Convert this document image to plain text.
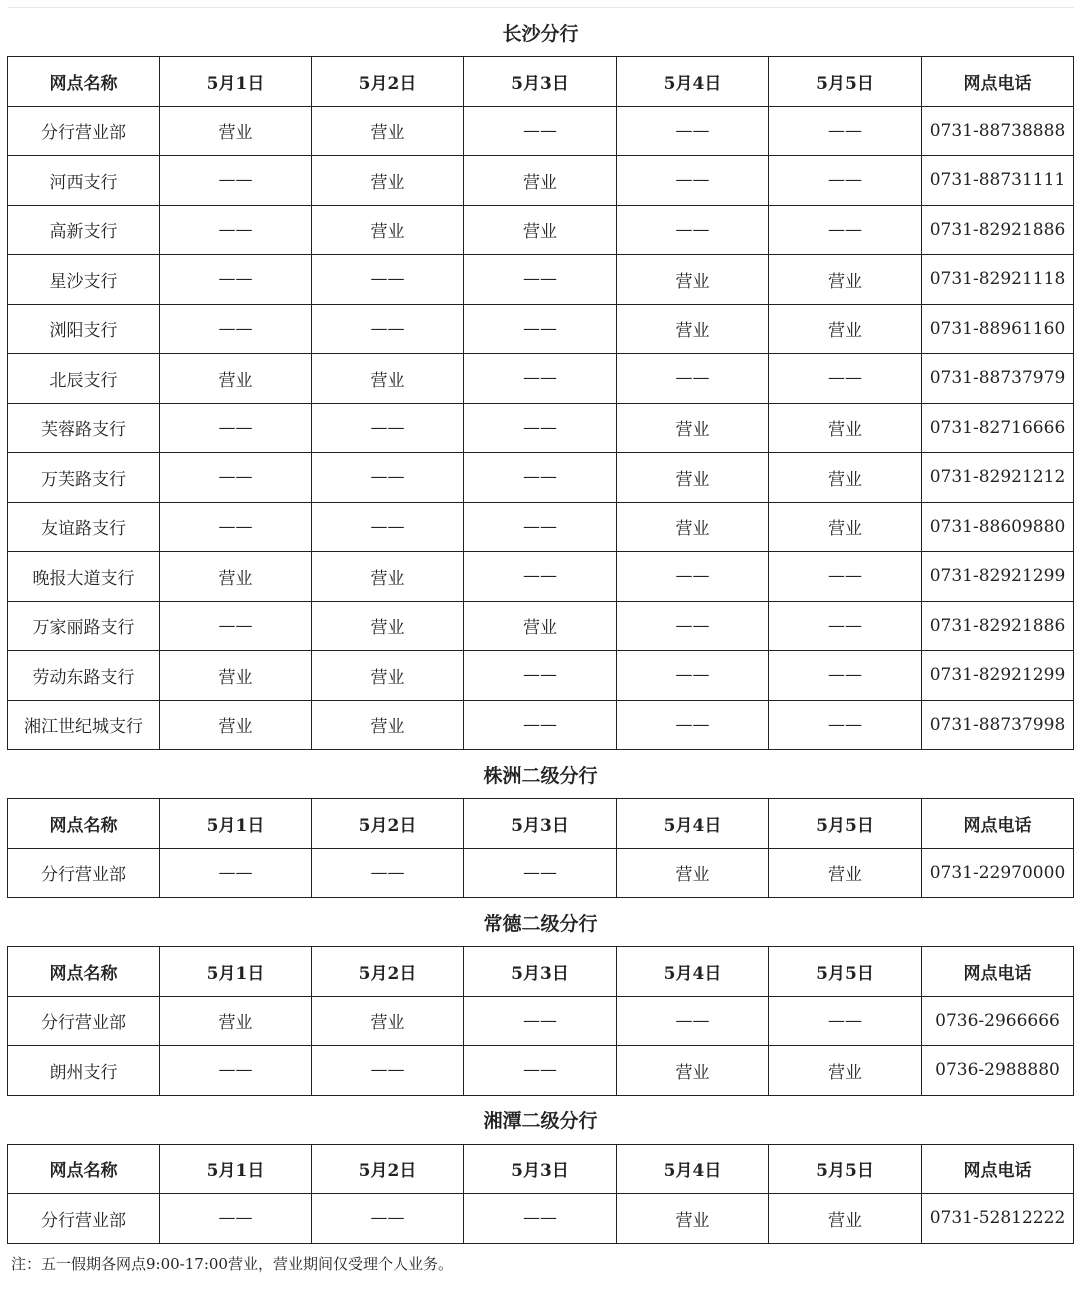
长沙分行						
网点名称	5月1日	5月2日	5月3日	5月4日	5月5日	网点电话
分行营业部	营业	营业	——	——	——	0731-88738888
河西支行	——	营业	营业	——	——	0731-88731111
高新支行	——	营业	营业	——	——	0731-82921886
星沙支行	——	——	——	营业	营业	0731-82921118
浏阳支行	——	——	——	营业	营业	0731-88961160
北辰支行	营业	营业	——	——	——	0731-88737979
芙蓉路支行	——	——	——	营业	营业	0731-82716666
万芙路支行	——	——	——	营业	营业	0731-82921212
友谊路支行	——	——	——	营业	营业	0731-88609880
晚报大道支行	营业	营业	——	——	——	0731-82921299
万家丽路支行	——	营业	营业	——	——	0731-82921886
劳动东路支行	营业	营业	——	——	——	0731-82921299
湘江世纪城支行	营业	营业	——	——	——	0731-88737998
株洲二级分行						
网点名称	5月1日	5月2日	5月3日	5月4日	5月5日	网点电话
分行营业部	——	——	——	营业	营业	0731-22970000
常德二级分行						
网点名称	5月1日	5月2日	5月3日	5月4日	5月5日	网点电话
分行营业部	营业	营业	——	——	——	0736-2966666
朗州支行	——	——	——	营业	营业	0736-2988880
湘潭二级分行						
网点名称	5月1日	5月2日	5月3日	5月4日	5月5日	网点电话
分行营业部	——	——	——	营业	营业	0731-52812222
注：五一假期各网点9:00-17:00营业，营业期间仅受理个人业务。
